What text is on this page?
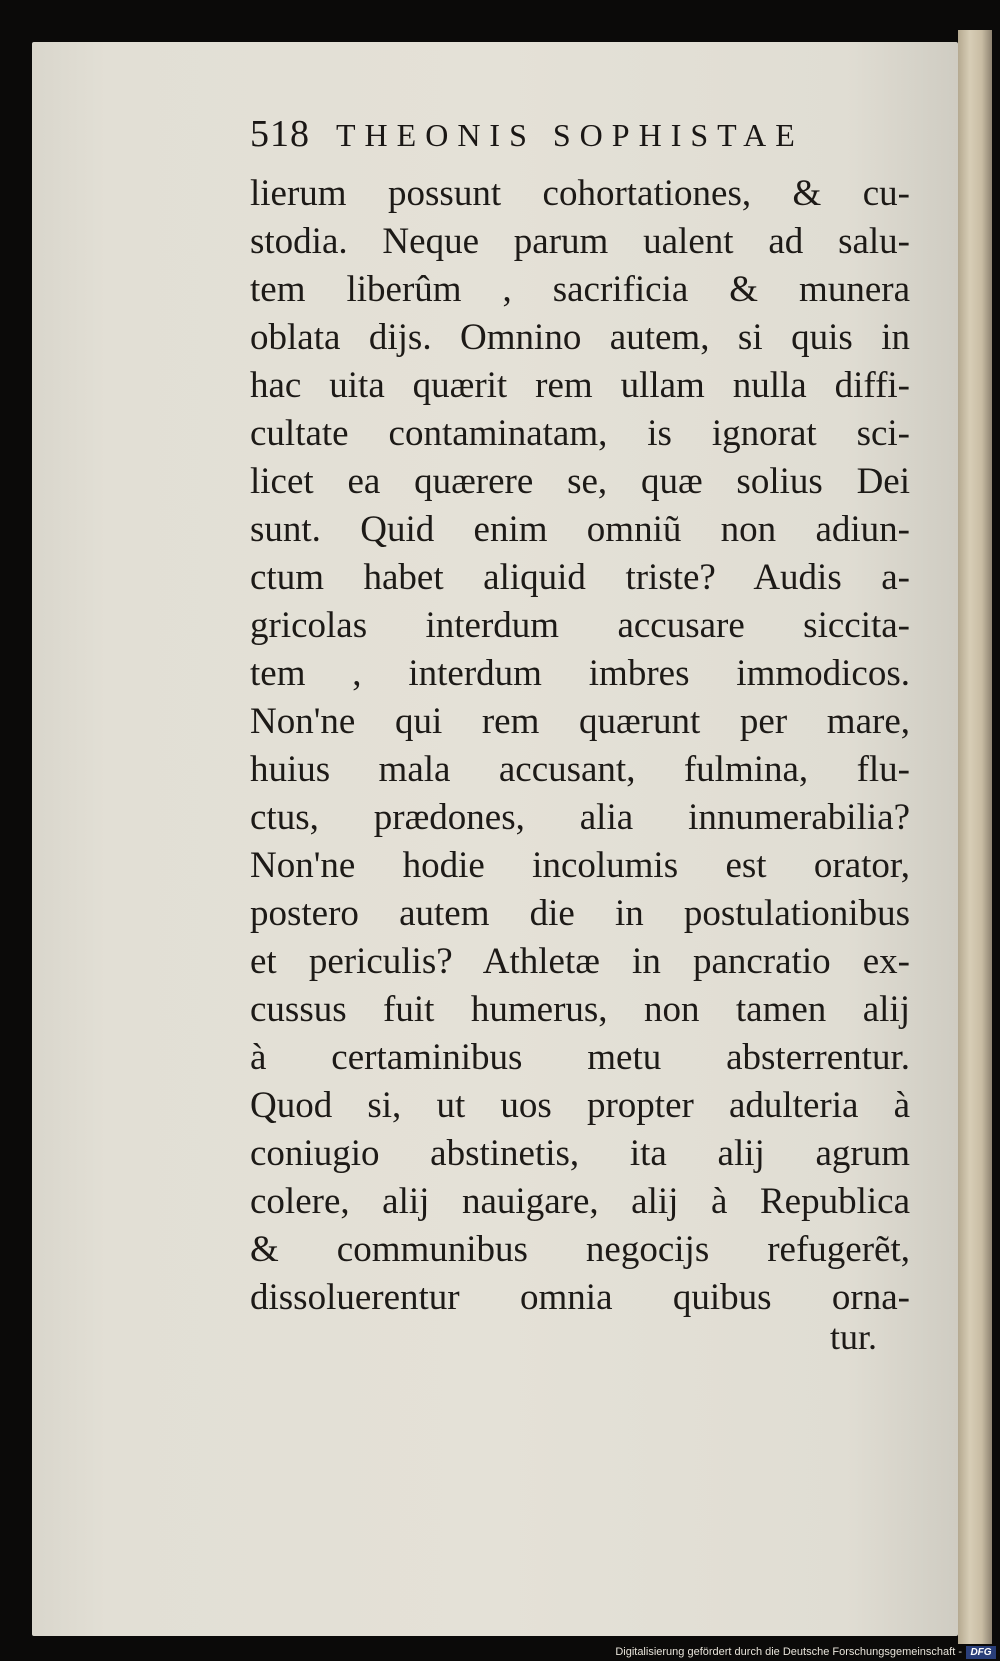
518 THEONIS SOPHISTAE
lierum possunt cohortationes, & cu-
stodia. Neque parum ualent ad salu-
tem liberûm , sacrificia & munera
oblata dijs. Omnino autem, si quis in
hac uita quærit rem ullam nulla diffi-
cultate contaminatam, is ignorat sci-
licet ea quærere se, quæ solius Dei
sunt. Quid enim omniũ non adiun-
ctum habet aliquid triste? Audis a-
gricolas interdum accusare siccita-
tem , interdum imbres immodicos.
Non'ne qui rem quærunt per mare,
huius mala accusant, fulmina, flu-
ctus, prædones, alia innumerabilia?
Non'ne hodie incolumis est orator,
postero autem die in postulationibus
et periculis? Athletæ in pancratio ex-
cussus fuit humerus, non tamen alij
à certaminibus metu absterrentur.
Quod si, ut uos propter adulteria à
coniugio abstinetis, ita alij agrum
colere, alij nauigare, alij à Republica
& communibus negocijs refugerẽt,
dissoluerentur omnia quibus orna-
tur.
Digitalisierung gefördert durch die Deutsche Forschungsgemeinschaft - DFG
